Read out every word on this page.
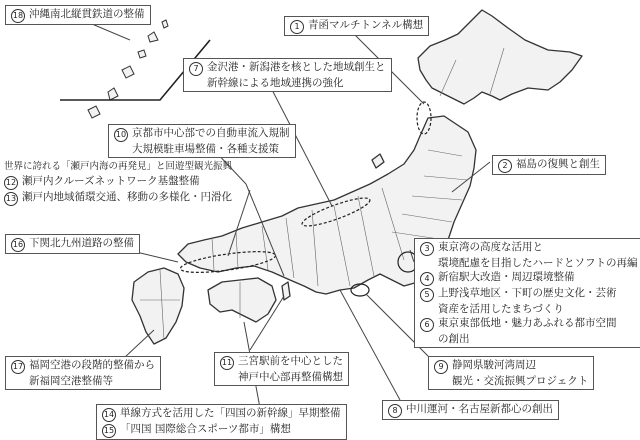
18 沖縄南北縦貫鉄道の整備
1 青函マルチトンネル構想
7 金沢港・新潟港を核とした地域創生と
新幹線による地域連携の強化
10 京都市中心部での自動車流入規制
大規模駐車場整備・各種支援策
世界に誇れる「瀬戸内海の再発見」と回遊型観光振興
12 瀬戸内クルーズネットワーク基盤整備
13 瀬戸内地域循環交通、移動の多様化・円滑化
2 福島の復興と創生
16 下関北九州道路の整備	3 東京湾の高度な活用と
環境配慮を目指したハードとソフトの再編
4 新宿駅大改造・周辺環境整備
5 上野浅草地区・下町の歴史文化・芸術
資産を活用したまちづくり
6 東京東部低地・魅力あふれる都市空間
の創出
17 福岡空港の段階的整備から
新福岡空港整備等
11 三宮駅前を中心とした
神戸中心部再整備構想
9 静岡県駿河湾周辺
観光・交流振興プロジェクト
8 中川運河・名古屋新都心の創出
14 単線方式を活用した「四国の新幹線」早期整備
15 「四国 国際総合スポーツ都市」構想
